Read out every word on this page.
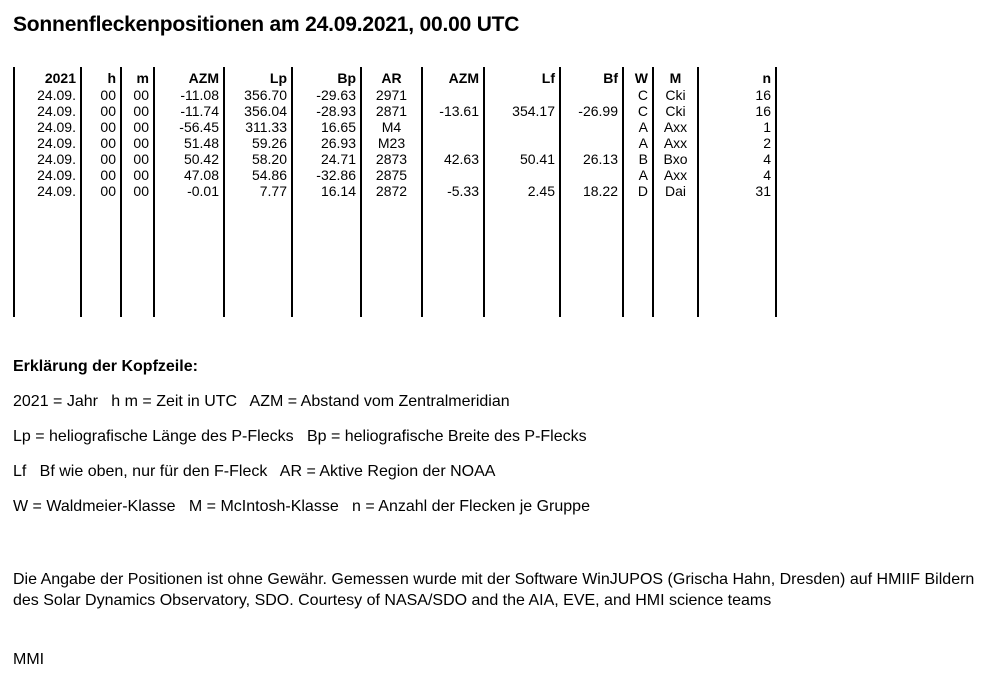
Sonnenfleckenpositionen am 24.09.2021, 00.00 UTC
2021
24.09.
24.09.
24.09.
24.09.
24.09.
24.09.
24.09.
h
00
00
00
00
00
00
00
m
00
00
00
00
00
00
00
AZM
-11.08
-11.74
-56.45
51.48
50.42
47.08
-0.01
Lp
356.70
356.04
311.33
59.26
58.20
54.86
7.77
Bp
-29.63
-28.93
16.65
26.93
24.71
-32.86
16.14
AR
2971
2871
M4
M23
2873
2875
2872
AZM
-13.61
42.63
-5.33
Lf
354.17
50.41
2.45
Bf
-26.99
26.13
18.22
W
C
C
A
A
B
A
D
M
Cki
Cki
Axx
Axx
Bxo
Axx
Dai
n
16
16
1
2
4
4
31
Erklärung der Kopfzeile:
2021 = Jahr   h m = Zeit in UTC   AZM = Abstand vom Zentralmeridian
Lp = heliografische Länge des P-Flecks   Bp = heliografische Breite des P-Flecks
Lf   Bf wie oben, nur für den F-Fleck   AR = Aktive Region der NOAA
W = Waldmeier-Klasse   M = McIntosh-Klasse   n = Anzahl der Flecken je Gruppe
Die Angabe der Positionen ist ohne Gewähr. Gemessen wurde mit der Software WinJUPOS (Grischa Hahn, Dresden) auf HMIIF Bildern des Solar Dynamics Observatory, SDO. Courtesy of NASA/SDO and the AIA, EVE, and HMI science teams
MMI
